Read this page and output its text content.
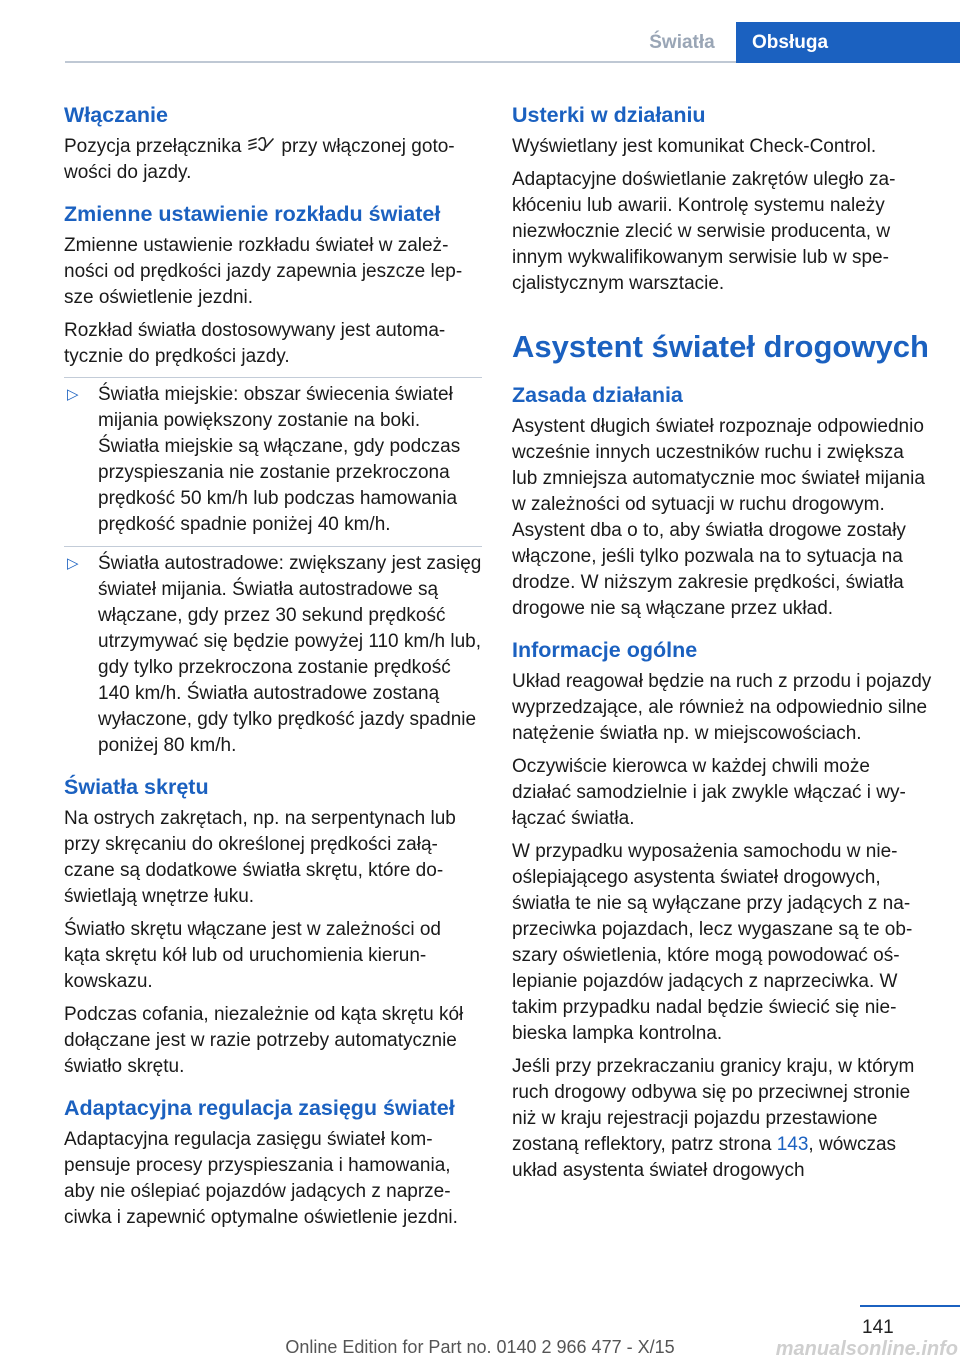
Światła	Obsługa
Włączanie

Pozycja przełącznika przy włączonej gotowości do jazdy.

Zmienne ustawienie rozkładu świateł

Zmienne ustawienie rozkładu świateł w zależności od prędkości jazdy zapewnia jeszcze lepsze oświetlenie jezdni.

Rozkład światła dostosowywany jest automatycznie do prędkości jazdy.

▷ Światła miejskie: obszar świecenia świateł mijania powiększony zostanie na boki. Światła miejskie są włączane, gdy podczas przyspieszania nie zostanie przekroczona prędkość 50 km/h lub podczas hamowania prędkość spadnie poniżej 40 km/h.
▷ Światła autostradowe: zwiększany jest zasięg świateł mijania. Światła autostradowe są włączane, gdy przez 30 sekund prędkość utrzymywać się będzie powyżej 110 km/h lub, gdy tylko przekroczona zostanie prędkość 140 km/h. Światła autostradowe zostaną wyłaczone, gdy tylko prędkość jazdy spadnie poniżej 80 km/h.
Światła skrętu

Na ostrych zakrętach, np. na serpentynach lub przy skręcaniu do określonej prędkości załączane są dodatkowe światła skrętu, które doświetlają wnętrze łuku.

Światło skrętu włączane jest w zależności od kąta skrętu kół lub od uruchomienia kierunkowskazu.

Podczas cofania, niezależnie od kąta skrętu kół dołączane jest w razie potrzeby automatycznie światło skrętu.

Adaptacyjna regulacja zasięgu świateł

Adaptacyjna regulacja zasięgu świateł kompensuje procesy przyspieszania i hamowania, aby nie oślepiać pojazdów jadących z naprzeciwka i zapewnić optymalne oświetlenie jezdni.

Usterki w działaniu

Wyświetlany jest komunikat Check-Control.

Adaptacyjne doświetlanie zakrętów uległo zakłóceniu lub awarii. Kontrolę systemu należy niezwłocznie zlecić w serwisie producenta, w innym wykwalifikowanym serwisie lub w specjalistycznym warsztacie.

Asystent świateł drogowych
Zasada działania

Asystent długich świateł rozpoznaje odpowiednio wcześnie innych uczestników ruchu i zwiększa lub zmniejsza automatycznie moc świateł mijania w zależności od sytuacji w ruchu drogowym. Asystent dba o to, aby światła drogowe zostały włączone, jeśli tylko pozwala na to sytuacja na drodze. W niższym zakresie prędkości, światła drogowe nie są włączane przez układ.

Informacje ogólne

Układ reagował będzie na ruch z przodu i pojazdy wyprzedzające, ale również na odpowiednio silne natężenie światła np. w miejscowościach.

Oczywiście kierowca w każdej chwili może działać samodzielnie i jak zwykle włączać i wyłączać światła.

W przypadku wyposażenia samochodu w nieoślepiającego asystenta świateł drogowych, światła te nie są wyłączane przy jadących z naprzeciwka pojazdach, lecz wygaszane są te obszary oświetlenia, które mogą powodować oślepianie pojazdów jadących z naprzeciwka. W takim przypadku nadal będzie świecić się niebieska lampka kontrolna.

Jeśli przy przekraczaniu granicy kraju, w którym ruch drogowy odbywa się po przeciwnej stronie niż w kraju rejestracji pojazdu przestawione zostaną reflektory, patrz strona 143, wówczas układ asystenta świateł drogowych

141
Online Edition for Part no. 0140 2 966 477 - X/15	manualsonline.info
